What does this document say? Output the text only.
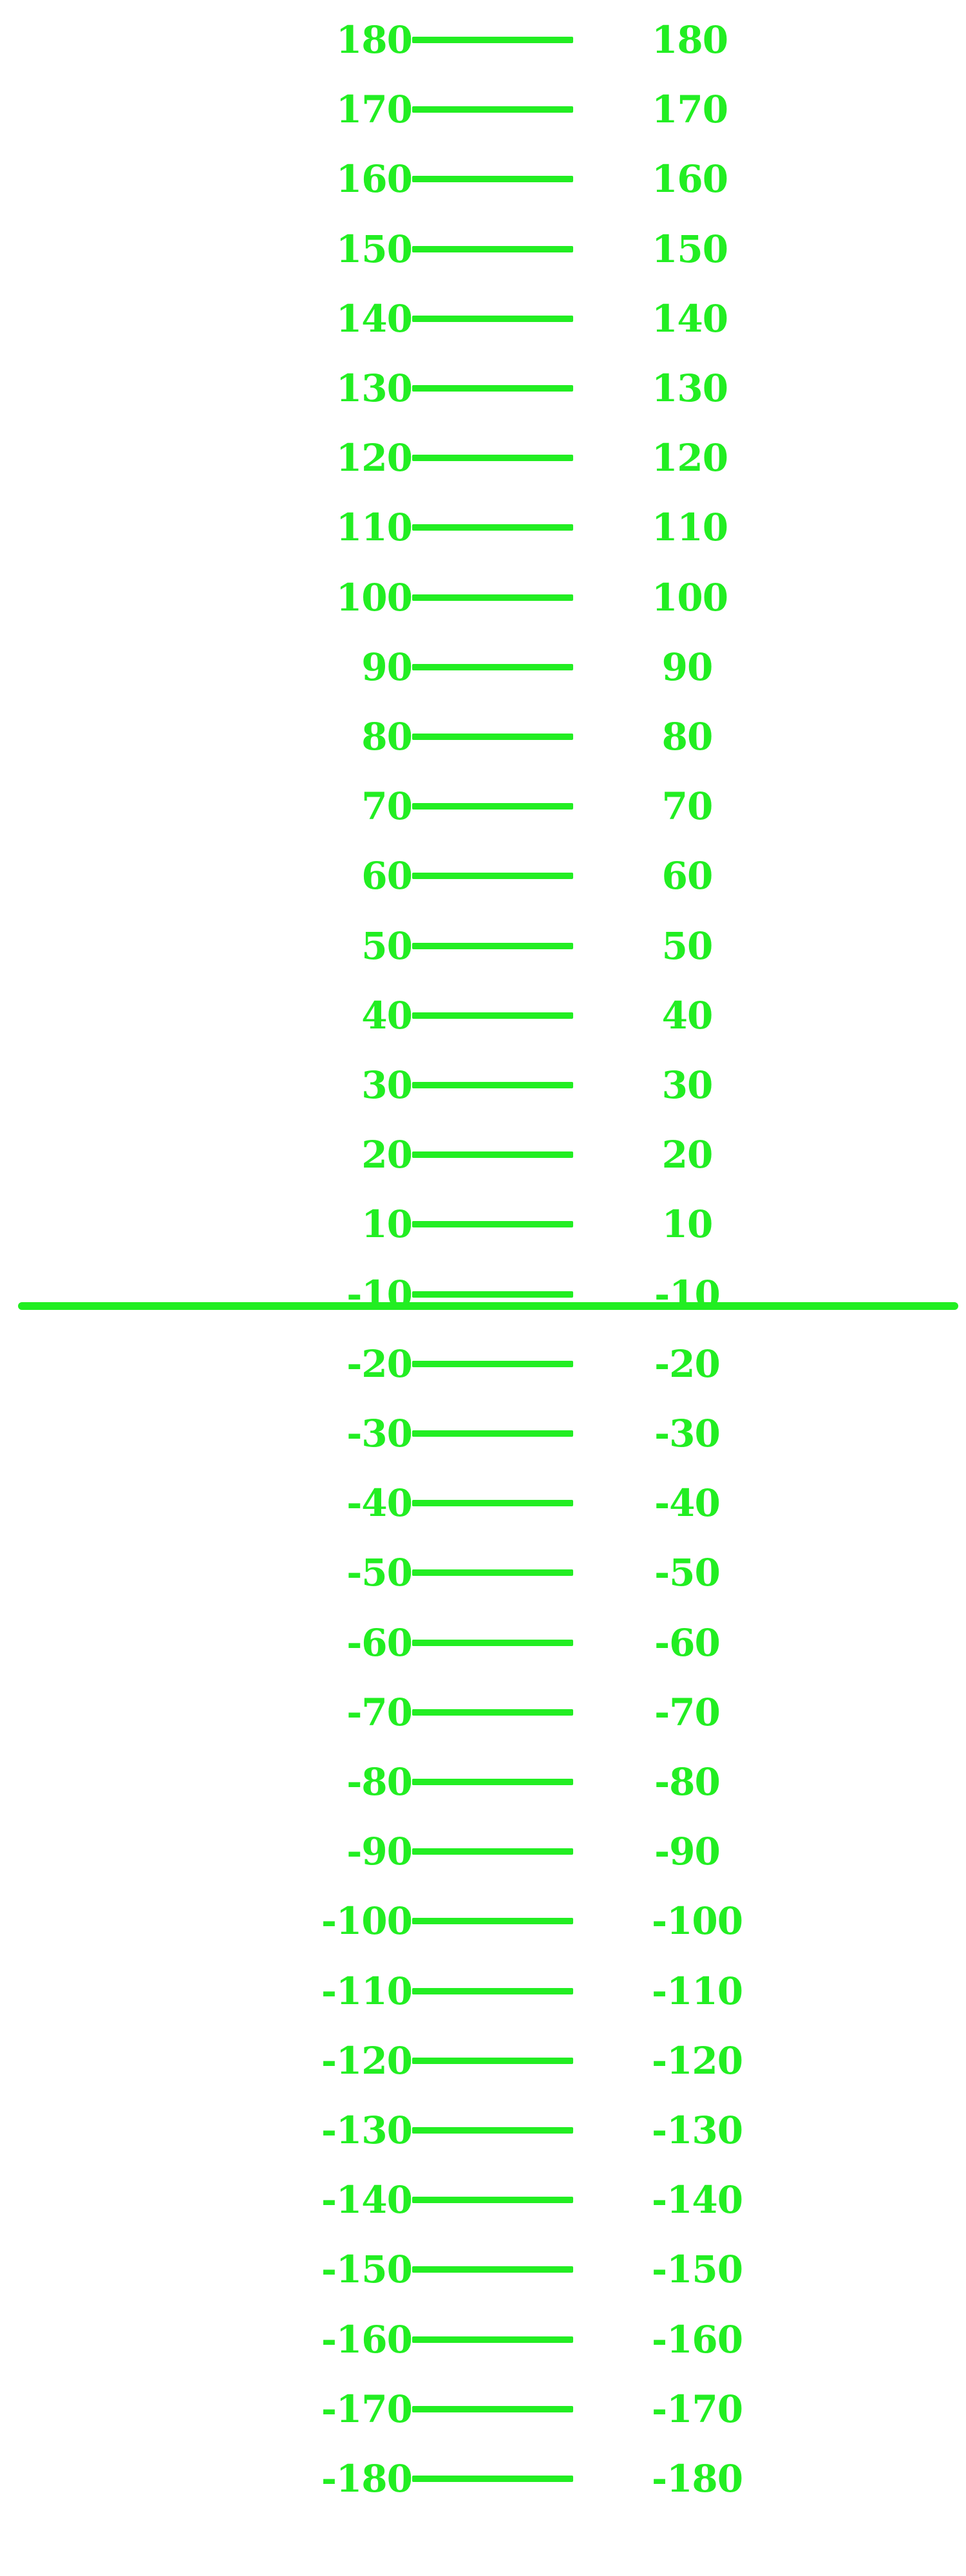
180	180
170	170
160	160
150	150
140	140
130	130
120	120
110	110
100	100
90	90
80	80
70	70
60	60
50	50
40	40
30	30
20	20
10	10
-10	-10
-20	-20
-30	-30
-40	-40
-50	-50
-60	-60
-70	-70
-80	-80
-90	-90
-100	-100
-110	-110
-120	-120
-130	-130
-140	-140
-150	-150
-160	-160
-170	-170
-180	-180
